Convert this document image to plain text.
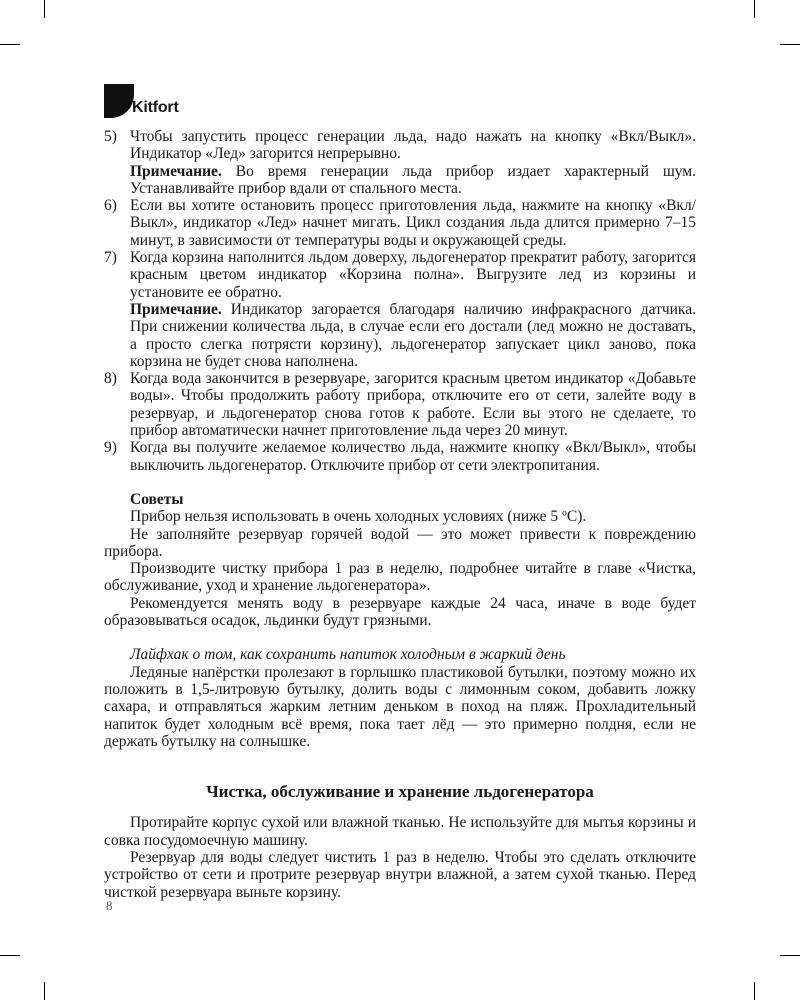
Kitfort
5) Чтобы запустить процесс генерации льда, надо нажать на кнопку «Вкл/Выкл». Индикатор «Лед» загорится непрерывно.

Примечание. Во время генерации льда прибор издает характерный шум. Устанавливайте прибор вдали от спального места.

6) Если вы хотите остановить процесс приготовления льда, нажмите на кнопку «Вкл/Выкл», индикатор «Лед» начнет мигать. Цикл создания льда длится примерно 7–15 минут, в зависимости от температуры воды и окружающей среды.

7) Когда корзина наполнится льдом доверху, льдогенератор прекратит работу, загорится красным цветом индикатор «Корзина полна». Выгрузите лед из корзины и установите ее обратно.

Примечание. Индикатор загорается благодаря наличию инфракрасного датчика. При снижении количества льда, в случае если его достали (лед можно не доставать, а просто слегка потрясти корзину), льдогенератор запускает цикл заново, пока корзина не будет снова наполнена.

8) Когда вода закончится в резервуаре, загорится красным цветом индикатор «Добавьте воды». Чтобы продолжить работу прибора, отключите его от сети, залейте воду в резервуар, и льдогенератор снова готов к работе. Если вы этого не сделаете, то прибор автоматически начнет приготовление льда через 20 минут.

9) Когда вы получите желаемое количество льда, нажмите кнопку «Вкл/Выкл», чтобы выключить льдогенератор. Отключите прибор от сети электропитания.

Советы

Прибор нельзя использовать в очень холодных условиях (ниже 5 ºС).

Не заполняйте резервуар горячей водой — это может привести к повреждению прибора.

Производите чистку прибора 1 раз в неделю, подробнее читайте в главе «Чистка, обслуживание, уход и хранение льдогенератора».

Рекомендуется менять воду в резервуаре каждые 24 часа, иначе в воде будет образовываться осадок, льдинки будут грязными.

Лайфхак о том, как сохранить напиток холодным в жаркий день

Ледяные напёрстки пролезают в горлышко пластиковой бутылки, поэтому можно их положить в 1,5-литровую бутылку, долить воды с лимонным соком, добавить ложку сахара, и отправляться жарким летним деньком в поход на пляж. Прохладительный напиток будет холодным всё время, пока тает лёд — это примерно полдня, если не держать бутылку на солнышке.

Чистка, обслуживание и хранение льдогенератора

Протирайте корпус сухой или влажной тканью. Не используйте для мытья корзины и совка посудомоечную машину.

Резервуар для воды следует чистить 1 раз в неделю. Чтобы это сделать отключите устройство от сети и протрите резервуар внутри влажной, а затем сухой тканью. Перед чисткой резервуара выньте корзину.

8
